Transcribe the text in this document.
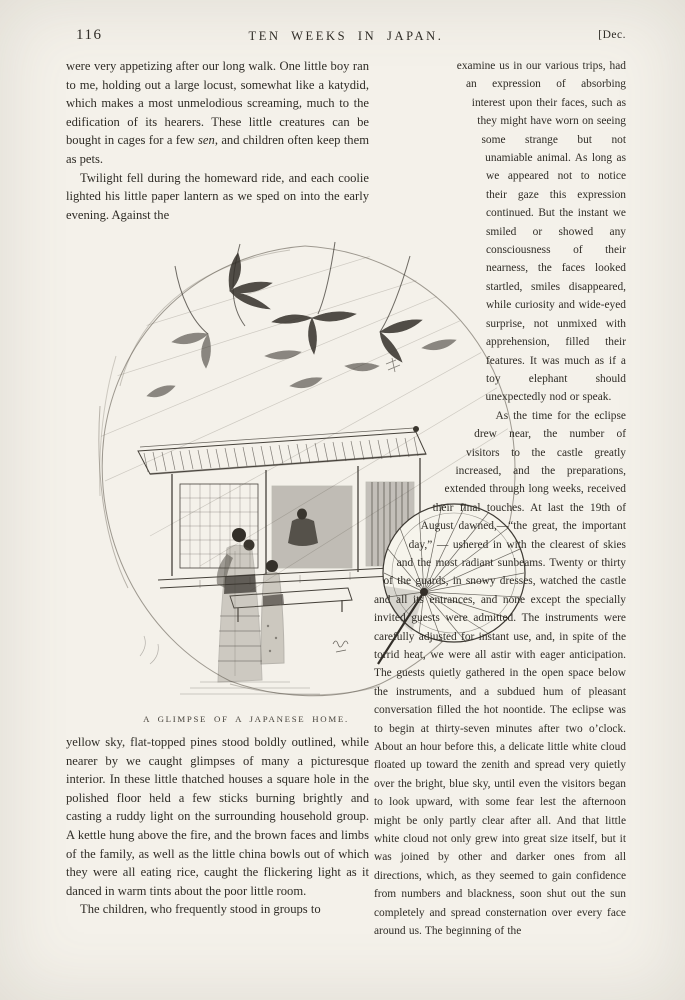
116	TEN WEEKS IN JAPAN.	[Dec.

were very appetizing after our long walk. One little boy ran to me, holding out a large locust, somewhat like a katydid, which makes a most unmelodious screaming, much to the edification of its hearers. These little creatures can be bought in cages for a few sen, and children often keep them as pets.

Twilight fell during the homeward ride, and each coolie lighted his little paper lantern as we sped on into the early evening. Against the

A GLIMPSE OF A JAPANESE HOME.

yellow sky, flat-topped pines stood boldly outlined, while nearer by we caught glimpses of many a picturesque interior. In these little thatched houses a square hole in the polished floor held a few sticks burning brightly and casting a ruddy light on the surrounding household group. A kettle hung above the fire, and the brown faces and limbs of the family, as well as the little china bowls out of which they were all eating rice, caught the flickering light as it danced in warm tints about the poor little room.

The children, who frequently stood in groups to

examine us in our various trips, had an expression of absorbing interest upon their faces, such as they might have worn on seeing some strange but not unamiable animal. As long as we appeared not to notice their gaze this expression continued. But the instant we smiled or showed any consciousness of their nearness, the faces looked startled, smiles disappeared, while curiosity and wide-eyed surprise, not unmixed with apprehension, filled their features. It was much as if a toy elephant should unexpectedly nod or speak.

As the time for the eclipse drew near, the number of visitors to the castle greatly increased, and the preparations, extended through long weeks, received their final touches. At last the 19th of August dawned,—“the great, the important day,” — ushered in with the clearest of skies and the most radiant sunbeams. Twenty or thirty of the guards, in snowy dresses, watched the castle and all its entrances, and none except the specially invited guests were admitted. The instruments were carefully adjusted for instant use, and, in spite of the torrid heat, we were all astir with eager anticipation. The guests quietly gathered in the open space below the instruments, and a subdued hum of pleasant conversation filled the hot noontide. The eclipse was to begin at thirty-seven minutes after two o’clock. About an hour before this, a delicate little white cloud floated up toward the zenith and spread very quietly over the bright, blue sky, until even the visitors began to look upward, with some fear lest the afternoon might be only partly clear after all. And that little white cloud not only grew into great size itself, but it was joined by other and darker ones from all directions, which, as they seemed to gain confidence from numbers and blackness, soon shut out the sun completely and spread consternation over every face around us. The beginning of the
